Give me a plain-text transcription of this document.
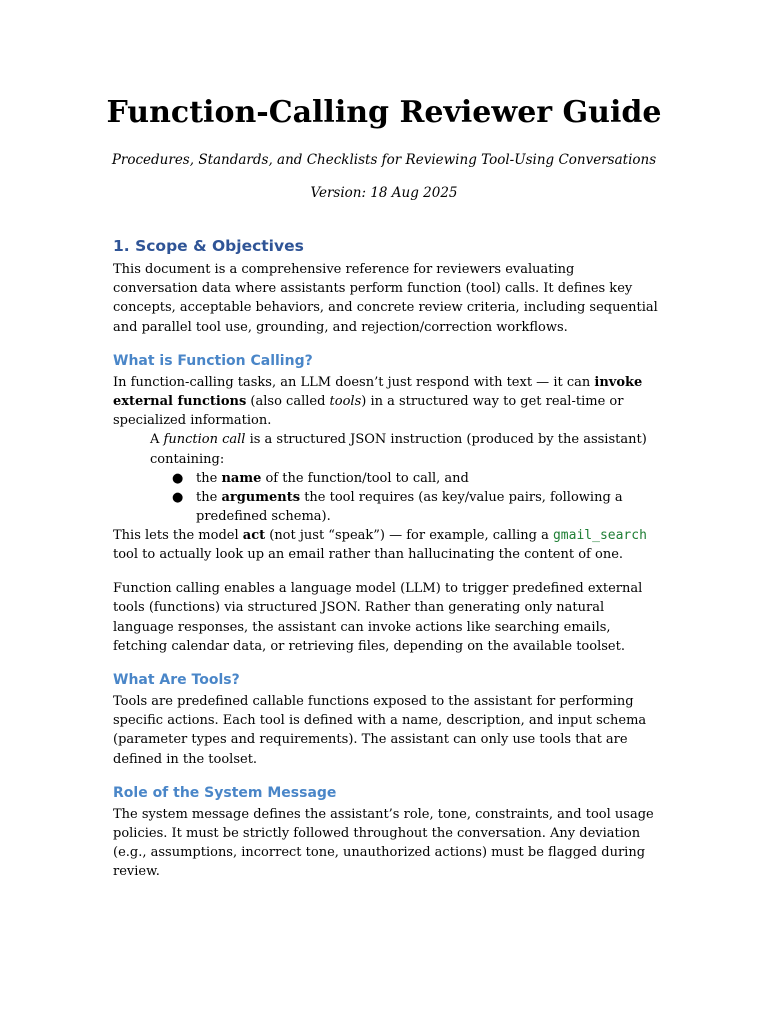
Function-Calling Reviewer Guide
Procedures, Standards, and Checklists for Reviewing Tool-Using Conversations
Version: 18 Aug 2025
1. Scope & Objectives

This document is a comprehensive reference for reviewers evaluating conversation data where assistants perform function (tool) calls. It defines key concepts, acceptable behaviors, and concrete review criteria, including sequential and parallel tool use, grounding, and rejection/correction workflows.

What is Function Calling?

In function-calling tasks, an LLM doesn’t just respond with text — it can invoke external functions (also called tools) in a structured way to get real-time or specialized information.

A function call is a structured JSON instruction (produced by the assistant) containing:

● the name of the function/tool to call, and
● the arguments the tool requires (as key/value pairs, following a predefined schema).

This lets the model act (not just “speak”) — for example, calling a gmail_search tool to actually look up an email rather than hallucinating the content of one.

Function calling enables a language model (LLM) to trigger predefined external tools (functions) via structured JSON. Rather than generating only natural language responses, the assistant can invoke actions like searching emails, fetching calendar data, or retrieving files, depending on the available toolset.

What Are Tools?

Tools are predefined callable functions exposed to the assistant for performing specific actions. Each tool is defined with a name, description, and input schema (parameter types and requirements). The assistant can only use tools that are defined in the toolset.

Role of the System Message

The system message defines the assistant’s role, tone, constraints, and tool usage policies. It must be strictly followed throughout the conversation. Any deviation (e.g., assumptions, incorrect tone, unauthorized actions) must be flagged during review.
